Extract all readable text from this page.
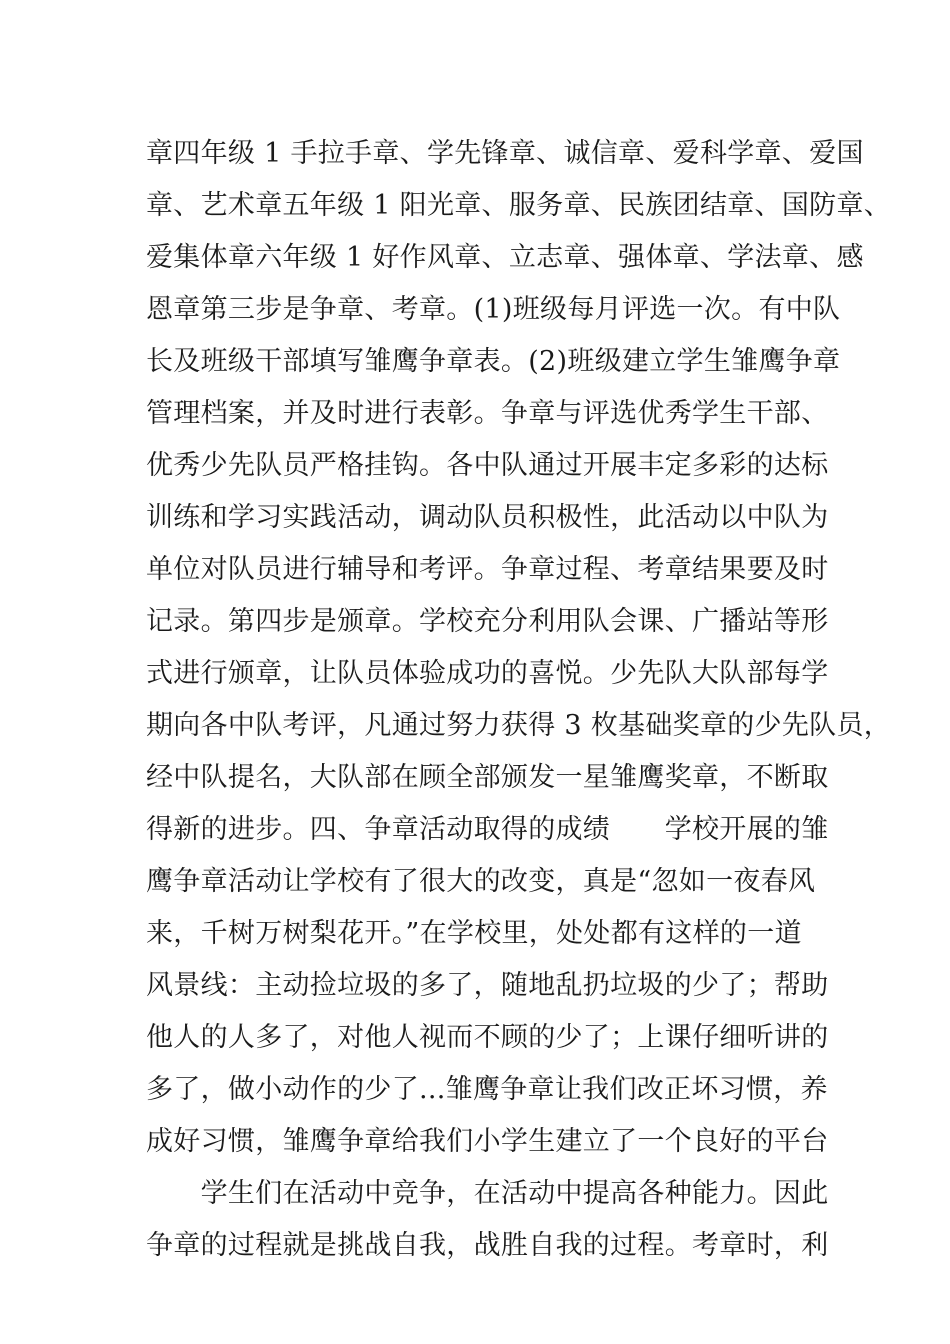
章四年级 1 手拉手章、学先锋章、诚信章、爱科学章、爱国
章、艺术章五年级 1 阳光章、服务章、民族团结章、国防章、
爱集体章六年级 1 好作风章、立志章、强体章、学法章、感
恩章第三步是争章、考章。(1)班级每月评选一次。有中队
长及班级干部填写雏鹰争章表。(2)班级建立学生雏鹰争章
管理档案，并及时进行表彰。争章与评选优秀学生干部、
优秀少先队员严格挂钩。各中队通过开展丰定多彩的达标
训练和学习实践活动，调动队员积极性，此活动以中队为
单位对队员进行辅导和考评。争章过程、考章结果要及时
记录。第四步是颁章。学校充分利用队会课、广播站等形
式进行颁章，让队员体验成功的喜悦。少先队大队部每学
期向各中队考评，凡通过努力获得 3 枚基础奖章的少先队员，
经中队提名，大队部在顾全部颁发一星雏鹰奖章，不断取
得新的进步。四、争章活动取得的成绩　　学校开展的雏
鹰争章活动让学校有了很大的改变，真是“忽如一夜春风
来，千树万树梨花开。”在学校里，处处都有这样的一道
风景线：主动捡垃圾的多了，随地乱扔垃圾的少了；帮助
他人的人多了，对他人视而不顾的少了；上课仔细听讲的
多了，做小动作的少了...雏鹰争章让我们改正坏习惯，养
成好习惯，雏鹰争章给我们小学生建立了一个良好的平台
　　学生们在活动中竞争，在活动中提高各种能力。因此
争章的过程就是挑战自我，战胜自我的过程。考章时，利
